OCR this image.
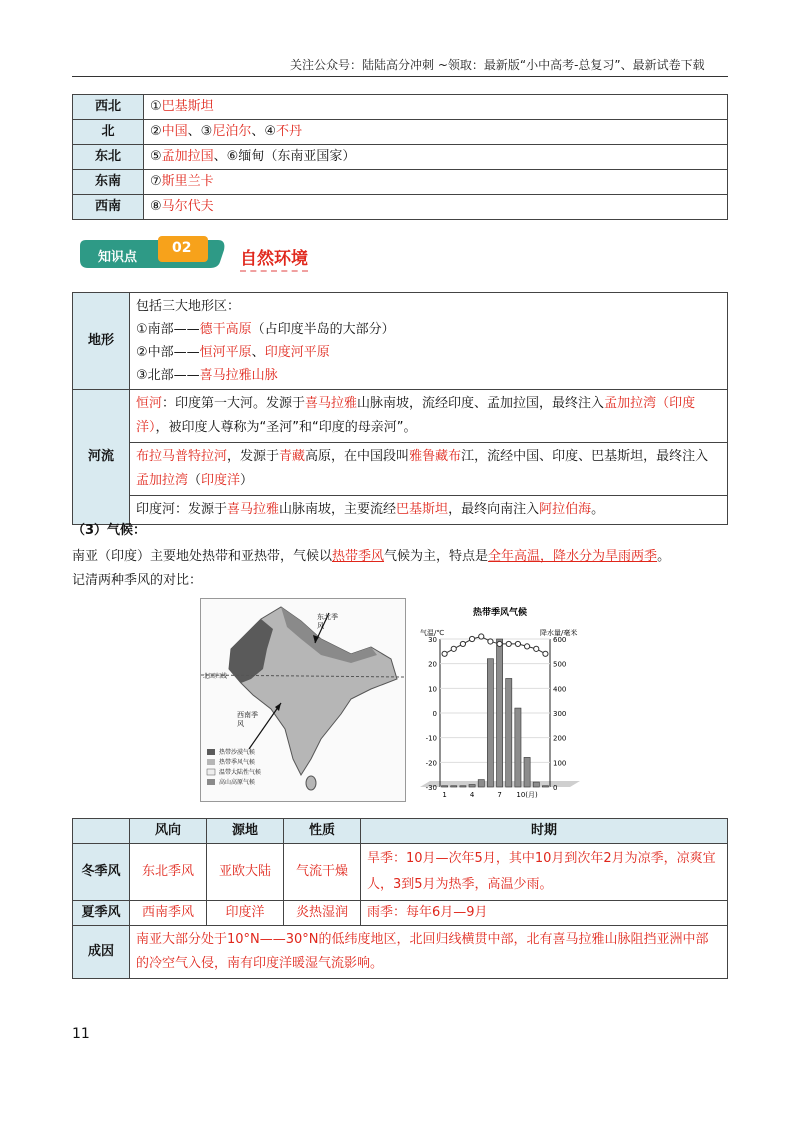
关注公众号：陆陆高分冲刺 ~领取：最新版“小中高考-总复习”、最新试卷下载
西北	①巴基斯坦
北	②中国、③尼泊尔、④不丹
东北	⑤孟加拉国、⑥缅甸（东南亚国家）
东南	⑦斯里兰卡
西南	⑧马尔代夫
知识点
02
自然环境
地形	包括三大地形区：
①南部——德干高原（占印度半岛的大部分）
②中部——恒河平原、印度河平原
③北部——喜马拉雅山脉

河流	恒河：印度第一大河。发源于喜马拉雅山脉南坡，流经印度、孟加拉国，最终注入孟加拉湾（印度洋），被印度人尊称为“圣河”和“印度的母亲河”。
	布拉马普特拉河，发源于青藏高原，在中国段叫雅鲁藏布江，流经中国、印度、巴基斯坦，最终注入孟加拉湾（印度洋）
	印度河：发源于喜马拉雅山脉南坡，主要流经巴基斯坦，最终向南注入阿拉伯海。
（3）气候：
南亚（印度）主要地处热带和亚热带，气候以热带季风气候为主，特点是全年高温，降水分为旱雨两季。
记清两种季风的对比：
东北季风
西南季风
北回归线
热带沙漠气候
热带季风气候
温带大陆性气候
高山高原气候
热带季风气候
气温/℃	降水量/毫米
30
20
10
0
-10
-20
-30
600
500
400
300
200
100
0
1	4	7 10(月)
	风向	源地	性质	时期
冬季风	东北季风	亚欧大陆	气流干燥	旱季：10月—次年5月，其中10月到次年2月为凉季，凉爽宜人，3到5月为热季，高温少雨。
夏季风	西南季风	印度洋	炎热湿润	雨季：每年6月—9月
成因	南亚大部分处于10°N——30°N的低纬度地区，北回归线横贯中部，北有喜马拉雅山脉阻挡亚洲中部的冷空气入侵，南有印度洋暖湿气流影响。			
11
